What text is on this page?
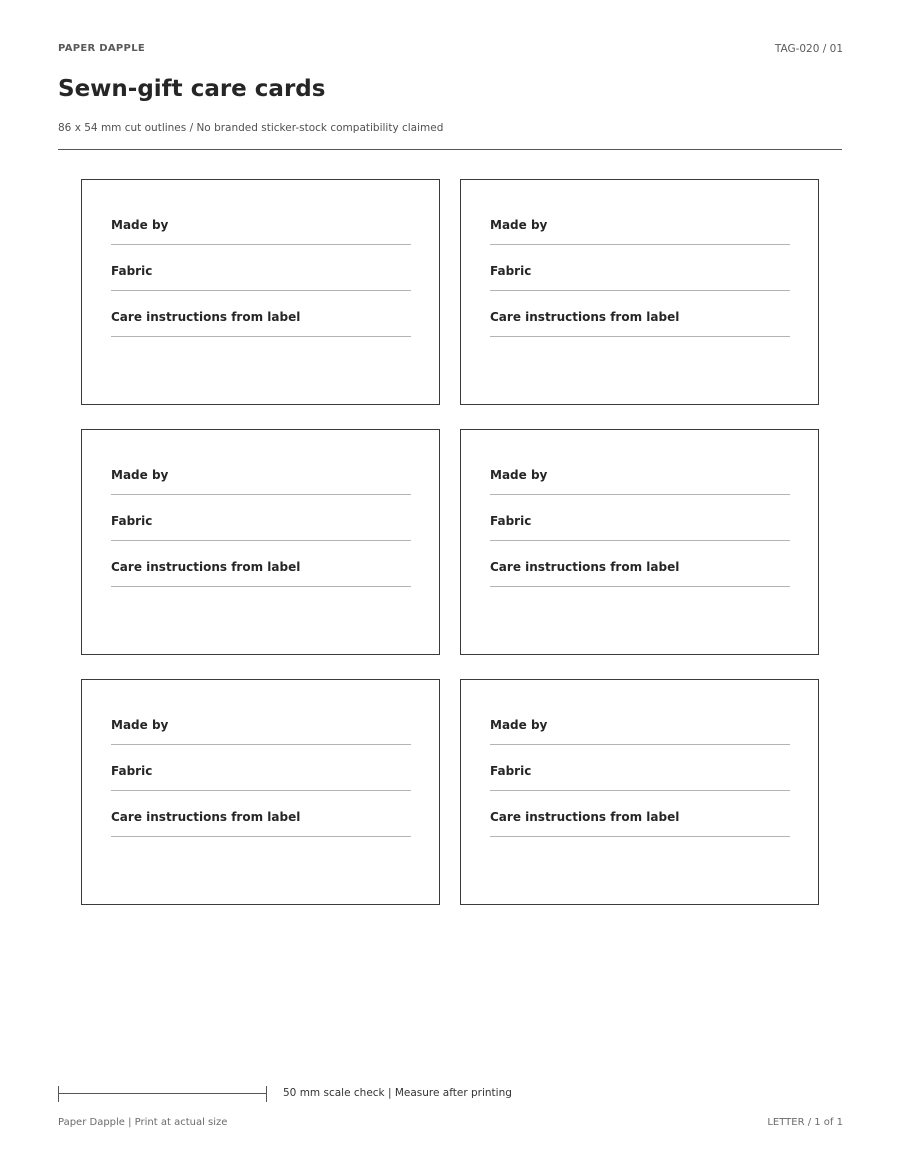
PAPER DAPPLE	TAG-020 / 01
Sewn-gift care cards
86 x 54 mm cut outlines / No branded sticker-stock compatibility claimed
Made by
Fabric
Care instructions from label
Made by
Fabric
Care instructions from label
Made by
Fabric
Care instructions from label
Made by
Fabric
Care instructions from label
Made by
Fabric
Care instructions from label
Made by
Fabric
Care instructions from label
50 mm scale check | Measure after printing
Paper Dapple | Print at actual size	LETTER / 1 of 1
